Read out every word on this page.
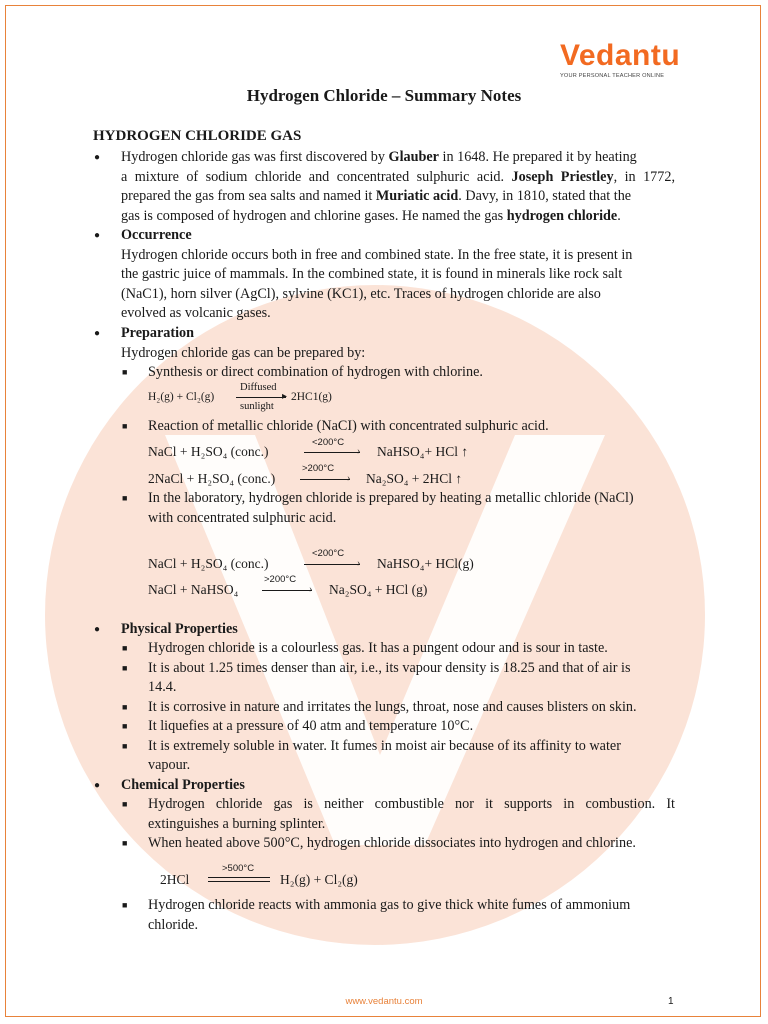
Vedantu
YOUR PERSONAL TEACHER ONLINE
Hydrogen Chloride – Summary Notes
HYDROGEN CHLORIDE GAS
● Hydrogen chloride gas was first discovered by Glauber in 1648. He prepared it by heating
a mixture of sodium chloride and concentrated sulphuric acid. Joseph Priestley, in 1772,
prepared the gas from sea salts and named it Muriatic acid. Davy, in 1810, stated that the
gas is composed of hydrogen and chlorine gases. He named the gas hydrogen chloride.
● Occurrence
Hydrogen chloride occurs both in free and combined state. In the free state, it is present in
the gastric juice of mammals. In the combined state, it is found in minerals like rock salt
(NaC1), horn silver (AgCl), sylvine (KC1), etc. Traces of hydrogen chloride are also
evolved as volcanic gases.
● Preparation
Hydrogen chloride gas can be prepared by:
■ Synthesis or direct combination of hydrogen with chlorine.
H₂(g) + Cl₂(g)
Diffused
▸
sunlight
2HC1(g)
■ Reaction of metallic chloride (NaCI) with concentrated sulphuric acid.
NaCl + H₂SO₄ (conc.)
<200°C
› NaHSO₄+ HCl ↑
2NaCl + H₂SO₄ (conc.)
>200°C
› Na₂SO₄ + 2HCl ↑
■ In the laboratory, hydrogen chloride is prepared by heating a metallic chloride (NaCl)
with concentrated sulphuric acid.
NaCl + H₂SO₄ (conc.)
<200°C
› NaHSO₄+ HCl(g)
NaCl + NaHSO₄
>200°C
› Na₂SO₄ + HCl (g)
● Physical Properties
■ Hydrogen chloride is a colourless gas. It has a pungent odour and is sour in taste.
■ It is about 1.25 times denser than air, i.e., its vapour density is 18.25 and that of air is
14.4.
■ It is corrosive in nature and irritates the lungs, throat, nose and causes blisters on skin.
■ It liquefies at a pressure of 40 atm and temperature 10°C.
■ It is extremely soluble in water. It fumes in moist air because of its affinity to water
vapour.
● Chemical Properties
■ Hydrogen chloride gas is neither combustible nor it supports in combustion. It
extinguishes a burning splinter.
■ When heated above 500°C, hydrogen chloride dissociates into hydrogen and chlorine.
2HCl
>500°C
H₂(g) + Cl₂(g)
■ Hydrogen chloride reacts with ammonia gas to give thick white fumes of ammonium
chloride.
www.vedantu.com	1
